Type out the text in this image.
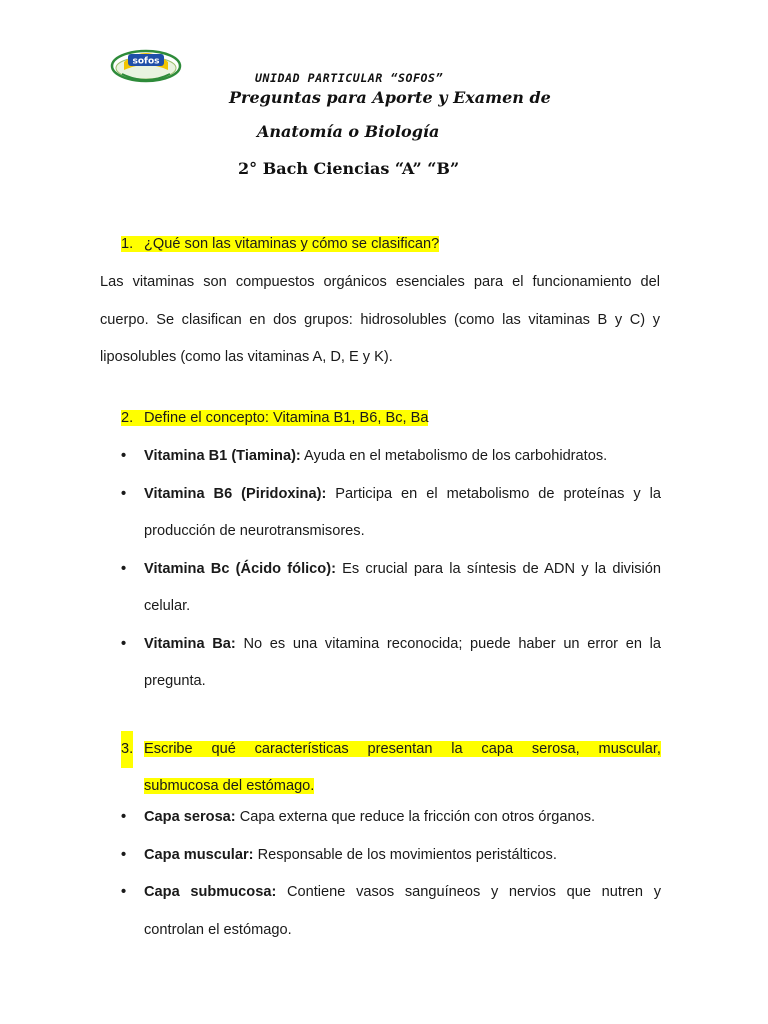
sofos
UNIDAD PARTICULAR “SOFOS”
Preguntas para Aporte y Examen de
Anatomía o Biología
2° Bach Ciencias “A” “B”
1. ¿Qué son las vitaminas y cómo se clasifican?
Las vitaminas son compuestos orgánicos esenciales para el funcionamiento del cuerpo. Se clasifican en dos grupos: hidrosolubles (como las vitaminas B y C) y liposolubles (como las vitaminas A, D, E y K).
2. Define el concepto: Vitamina B1, B6, Bc, Ba
• Vitamina B1 (Tiamina): Ayuda en el metabolismo de los carbohidratos.
• Vitamina B6 (Piridoxina): Participa en el metabolismo de proteínas y la producción de neurotransmisores.
• Vitamina Bc (Ácido fólico): Es crucial para la síntesis de ADN y la división celular.
• Vitamina Ba: No es una vitamina reconocida; puede haber un error en la pregunta.
3. Escribe qué características presentan la capa serosa, muscular,
submucosa del estómago.
• Capa serosa: Capa externa que reduce la fricción con otros órganos.
• Capa muscular: Responsable de los movimientos peristálticos.
• Capa submucosa: Contiene vasos sanguíneos y nervios que nutren y controlan el estómago.
